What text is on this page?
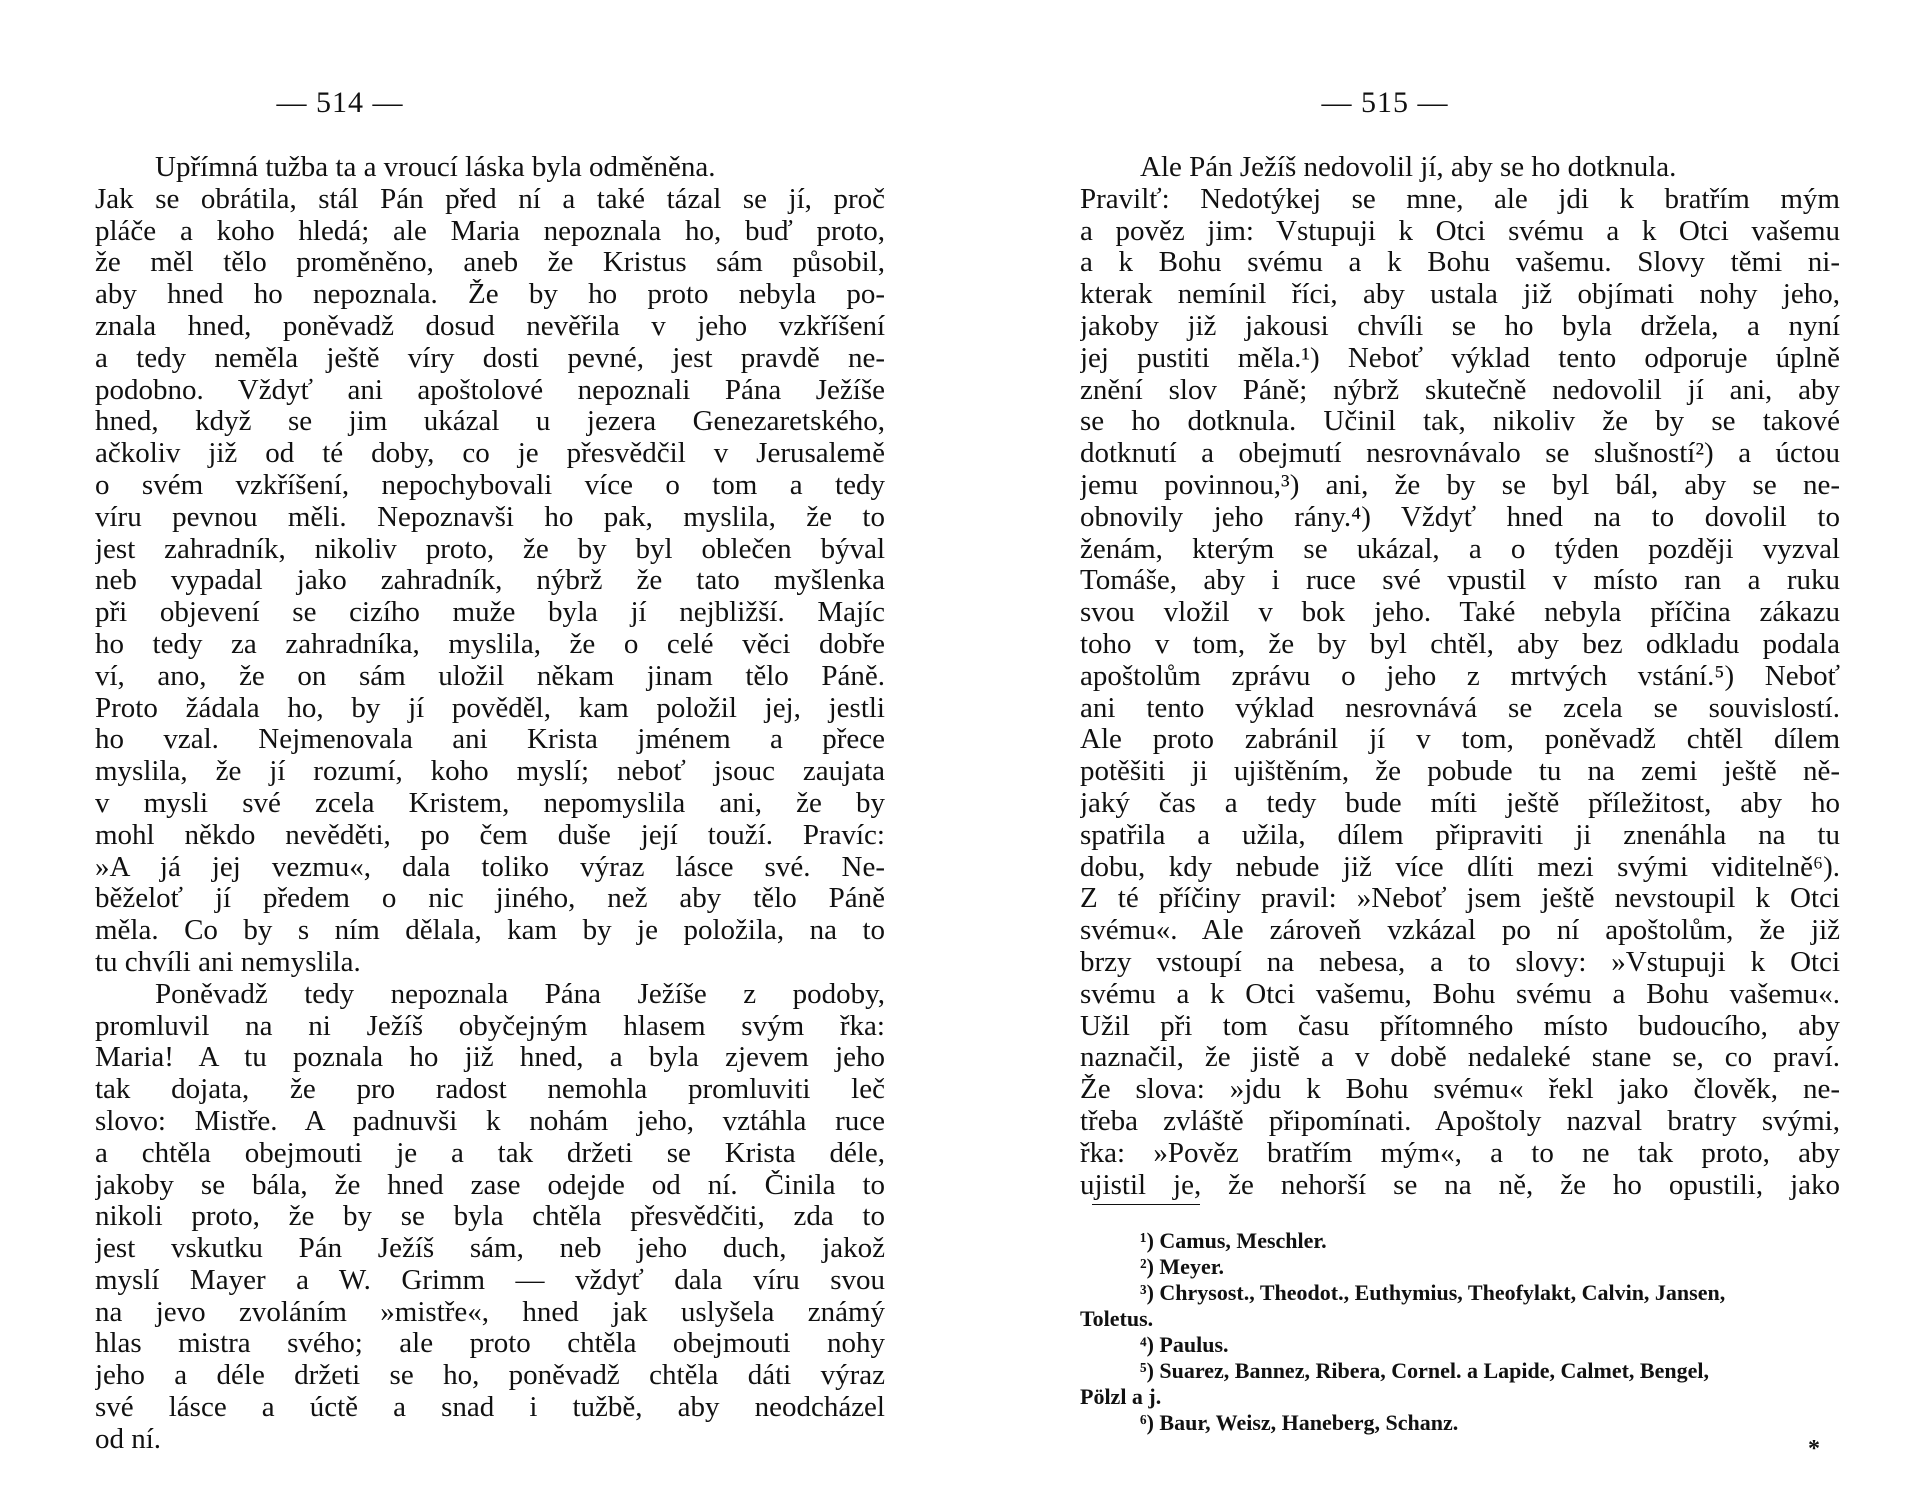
— 514 —
Upřímná tužba ta a vroucí láska byla odměněna.
Jak se obrátila, stál Pán před ní a také tázal se jí, proč
pláče a koho hledá; ale Maria nepoznala ho, buď proto,
že měl tělo proměněno, aneb že Kristus sám působil,
aby hned ho nepoznala. Že by ho proto nebyla po-
znala hned, poněvadž dosud nevěřila v jeho vzkříšení
a tedy neměla ještě víry dosti pevné, jest pravdě ne-
podobno. Vždyť ani apoštolové nepoznali Pána Ježíše
hned, když se jim ukázal u jezera Genezaretského,
ačkoliv již od té doby, co je přesvědčil v Jerusalemě
o svém vzkříšení, nepochybovali více o tom a tedy
víru pevnou měli. Nepoznavši ho pak, myslila, že to
jest zahradník, nikoliv proto, že by byl oblečen býval
neb vypadal jako zahradník, nýbrž že tato myšlenka
při objevení se cizího muže byla jí nejbližší. Majíc
ho tedy za zahradníka, myslila, že o celé věci dobře
ví, ano, že on sám uložil někam jinam tělo Páně.
Proto žádala ho, by jí pověděl, kam položil jej, jestli
ho vzal. Nejmenovala ani Krista jménem a přece
myslila, že jí rozumí, koho myslí; neboť jsouc zaujata
v mysli své zcela Kristem, nepomyslila ani, že by
mohl někdo nevěděti, po čem duše její touží. Pravíc:
»A já jej vezmu«, dala toliko výraz lásce své. Ne-
běželoť jí předem o nic jiného, než aby tělo Páně
měla. Co by s ním dělala, kam by je položila, na to
tu chvíli ani nemyslila.
Poněvadž tedy nepoznala Pána Ježíše z podoby,
promluvil na ni Ježíš obyčejným hlasem svým řka:
Maria! A tu poznala ho již hned, a byla zjevem jeho
tak dojata, že pro radost nemohla promluviti leč
slovo: Mistře. A padnuvši k nohám jeho, vztáhla ruce
a chtěla obejmouti je a tak držeti se Krista déle,
jakoby se bála, že hned zase odejde od ní. Činila to
nikoli proto, že by se byla chtěla přesvědčiti, zda to
jest vskutku Pán Ježíš sám, neb jeho duch, jakož
myslí Mayer a W. Grimm — vždyť dala víru svou
na jevo zvoláním »mistře«, hned jak uslyšela známý
hlas mistra svého; ale proto chtěla obejmouti nohy
jeho a déle držeti se ho, poněvadž chtěla dáti výraz
své lásce a úctě a snad i tužbě, aby neodcházel
od ní.
— 515 —
Ale Pán Ježíš nedovolil jí, aby se ho dotknula.
Pravilť: Nedotýkej se mne, ale jdi k bratřím mým
a pověz jim: Vstupuji k Otci svému a k Otci vašemu
a k Bohu svému a k Bohu vašemu. Slovy těmi ni-
kterak nemínil říci, aby ustala již objímati nohy jeho,
jakoby již jakousi chvíli se ho byla držela, a nyní
jej pustiti měla.¹) Neboť výklad tento odporuje úplně
znění slov Páně; nýbrž skutečně nedovolil jí ani, aby
se ho dotknula. Učinil tak, nikoliv že by se takové
dotknutí a obejmutí nesrovnávalo se slušností²) a úctou
jemu povinnou,³) ani, že by se byl bál, aby se ne-
obnovily jeho rány.⁴) Vždyť hned na to dovolil to
ženám, kterým se ukázal, a o týden později vyzval
Tomáše, aby i ruce své vpustil v místo ran a ruku
svou vložil v bok jeho. Také nebyla příčina zákazu
toho v tom, že by byl chtěl, aby bez odkladu podala
apoštolům zprávu o jeho z mrtvých vstání.⁵) Neboť
ani tento výklad nesrovnává se zcela se souvislostí.
Ale proto zabránil jí v tom, poněvadž chtěl dílem
potěšiti ji ujištěním, že pobude tu na zemi ještě ně-
jaký čas a tedy bude míti ještě příležitost, aby ho
spatřila a užila, dílem připraviti ji znenáhla na tu
dobu, kdy nebude již více dlíti mezi svými viditelně⁶).
Z té příčiny pravil: »Neboť jsem ještě nevstoupil k Otci
svému«. Ale zároveň vzkázal po ní apoštolům, že již
brzy vstoupí na nebesa, a to slovy: »Vstupuji k Otci
svému a k Otci vašemu, Bohu svému a Bohu vašemu«.
Užil při tom času přítomného místo budoucího, aby
naznačil, že jistě a v době nedaleké stane se, co praví.
Že slova: »jdu k Bohu svému« řekl jako člověk, ne-
třeba zvláště připomínati. Apoštoly nazval bratry svými,
řka: »Pověz bratřím mým«, a to ne tak proto, aby
ujistil je, že nehorší se na ně, že ho opustili, jako
¹) Camus, Meschler.
²) Meyer.
³) Chrysost., Theodot., Euthymius, Theofylakt, Calvin, Jansen,
Toletus.
⁴) Paulus.
⁵) Suarez, Bannez, Ribera, Cornel. a Lapide, Calmet, Bengel,
Pölzl a j.
⁶) Baur, Weisz, Haneberg, Schanz.
*
